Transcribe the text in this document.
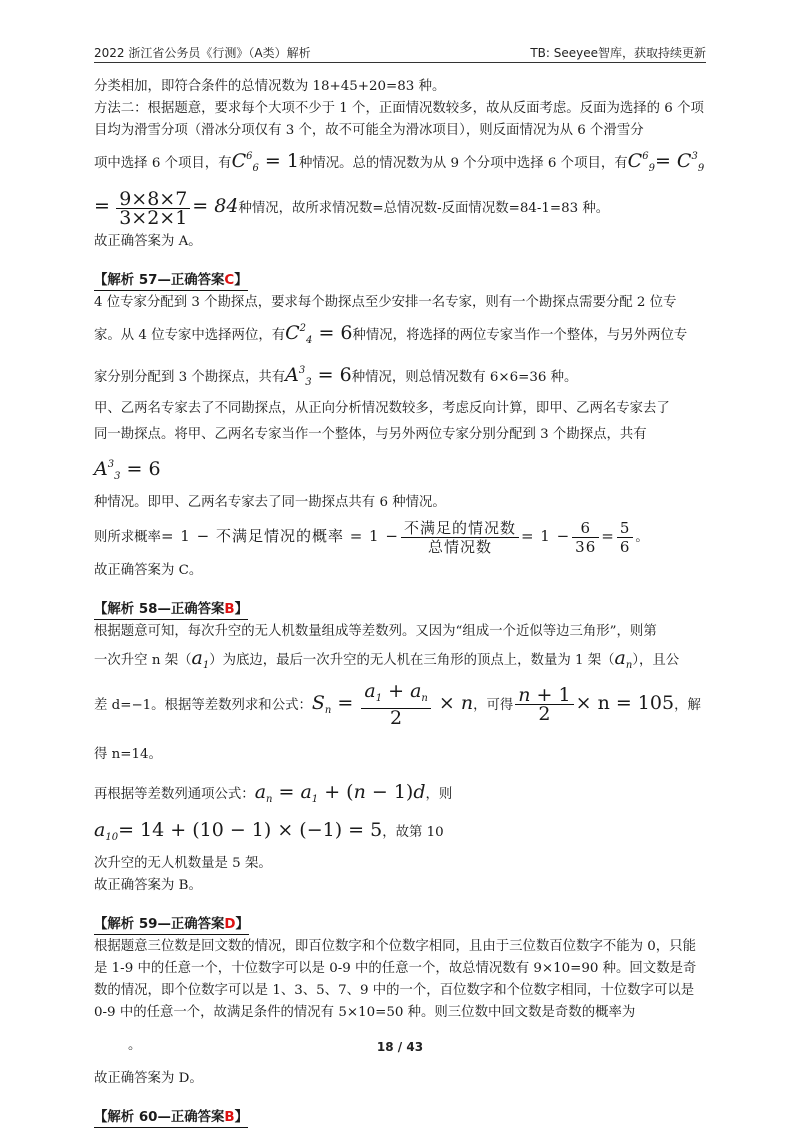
2022 浙江省公务员《行测》（A类）解析	TB: Seeyee智库，获取持续更新

分类相加，即符合条件的总情况数为 18+45+20=83 种。

方法二：根据题意，要求每个大项不少于 1 个，正面情况数较多，故从反面考虑。反面为选择的 6 个项目均为滑雪分项（滑冰分项仅有 3 个，故不可能全为滑冰项目），则反面情况为从 6 个滑雪分

项中选择 6 个项目，有$C^6_6 = 1$种情况。总的情况数为从 9 个分项中选择 6 个项目，有$C^6_9= C^3_9$

= $\frac{9\times 8\times 7}{3\times 2\times 1} = 84$种情况，故所求情况数=总情况数-反面情况数=84-1=83 种。

故正确答案为 A。

【解析 57—正确答案C】

4 位专家分配到 3 个勘探点，要求每个勘探点至少安排一名专家，则有一个勘探点需要分配 2 位专

家。从 4 位专家中选择两位，有$C^2_4 = 6$种情况，将选择的两位专家当作一个整体，与另外两位专

家分别分配到 3 个勘探点，共有$A^3_3 = 6$种情况，则总情况数有 6×6=36 种。

甲、乙两名专家去了不同勘探点，从正向分析情况数较多，考虑反向计算，即甲、乙两名专家去了

同一勘探点。将甲、乙两名专家当作一个整体，与另外两位专家分别分配到 3 个勘探点，共有$A^3_3 = 6$

种情况。即甲、乙两名专家去了同一勘探点共有 6 种情况。

则所求概率= 1 − 不满足情况的概率 = $1 - \frac{\text{不满足的情况数}}{\text{总情况数}} = 1 - \frac{6}{36} = \frac{5}{6}$ 。

故正确答案为 C。

【解析 58—正确答案B】

根据题意可知，每次升空的无人机数量组成等差数列。又因为“组成一个近似等边三角形”，则第

一次升空 n 架$(a_1)$为底边，最后一次升空的无人机在三角形的顶点上，数量为 1 架$(a_n)$，且公

差 d=−1。根据等差数列求和公式：$S_n = \frac{a_1 + a_n}{2} \times n$，可得 $\frac{n + 1}{2} \times n = 105$，解得 n=14。

再根据等差数列通项公式：$a_n = a_1 + (n - 1)d$，则$a_{10}= 14 + (10 - 1) \times (-1) = 5$，故第 10

次升空的无人机数量是 5 架。

故正确答案为 B。

【解析 59—正确答案D】

根据题意三位数是回文数的情况，即百位数字和个位数字相同，且由于三位数百位数字不能为 0，只能是 1-9 中的任意一个，十位数字可以是 0-9 中的任意一个，故总情况数有 9×10=90 种。回文数是奇数的情况，即个位数字可以是 1、3、5、7、9 中的一个，百位数字和个位数字相同，十位数字可以是 0-9 中的任意一个，故满足条件的情况有 5×10=50 种。则三位数中回文数是奇数的概率为

。

故正确答案为 D。

【解析 60—正确答案B】
18 / 43
